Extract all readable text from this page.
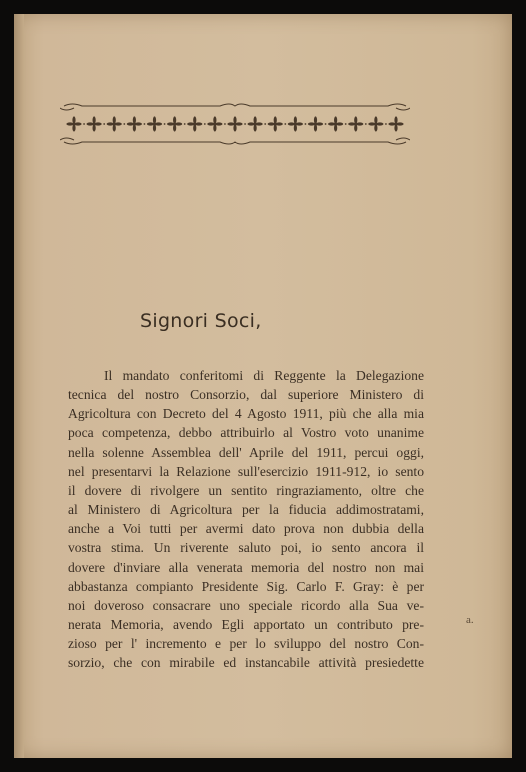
Signori Soci,

Il mandato conferitomi di Reggente la Delegazione
tecnica del nostro Consorzio, dal superiore Ministero di
Agricoltura con Decreto del 4 Agosto 1911, più che alla mia
poca competenza, debbo attribuirlo al Vostro voto unanime
nella solenne Assemblea dell' Aprile del 1911, percui oggi,
nel presentarvi la Relazione sull'esercizio 1911-912, io sento
il dovere di rivolgere un sentito ringraziamento, oltre che
al Ministero di Agricoltura per la fiducia addimostratami,
anche a Voi tutti per avermi dato prova non dubbia della
vostra stima. Un riverente saluto poi, io sento ancora il
dovere d'inviare alla venerata memoria del nostro non mai
abbastanza compianto Presidente Sig. Carlo F. Gray: è per
noi doveroso consacrare uno speciale ricordo alla Sua ve-
nerata Memoria, avendo Egli apportato un contributo pre-
zioso per l' incremento e per lo sviluppo del nostro Con-
sorzio, che con mirabile ed instancabile attività presiedette

a.
